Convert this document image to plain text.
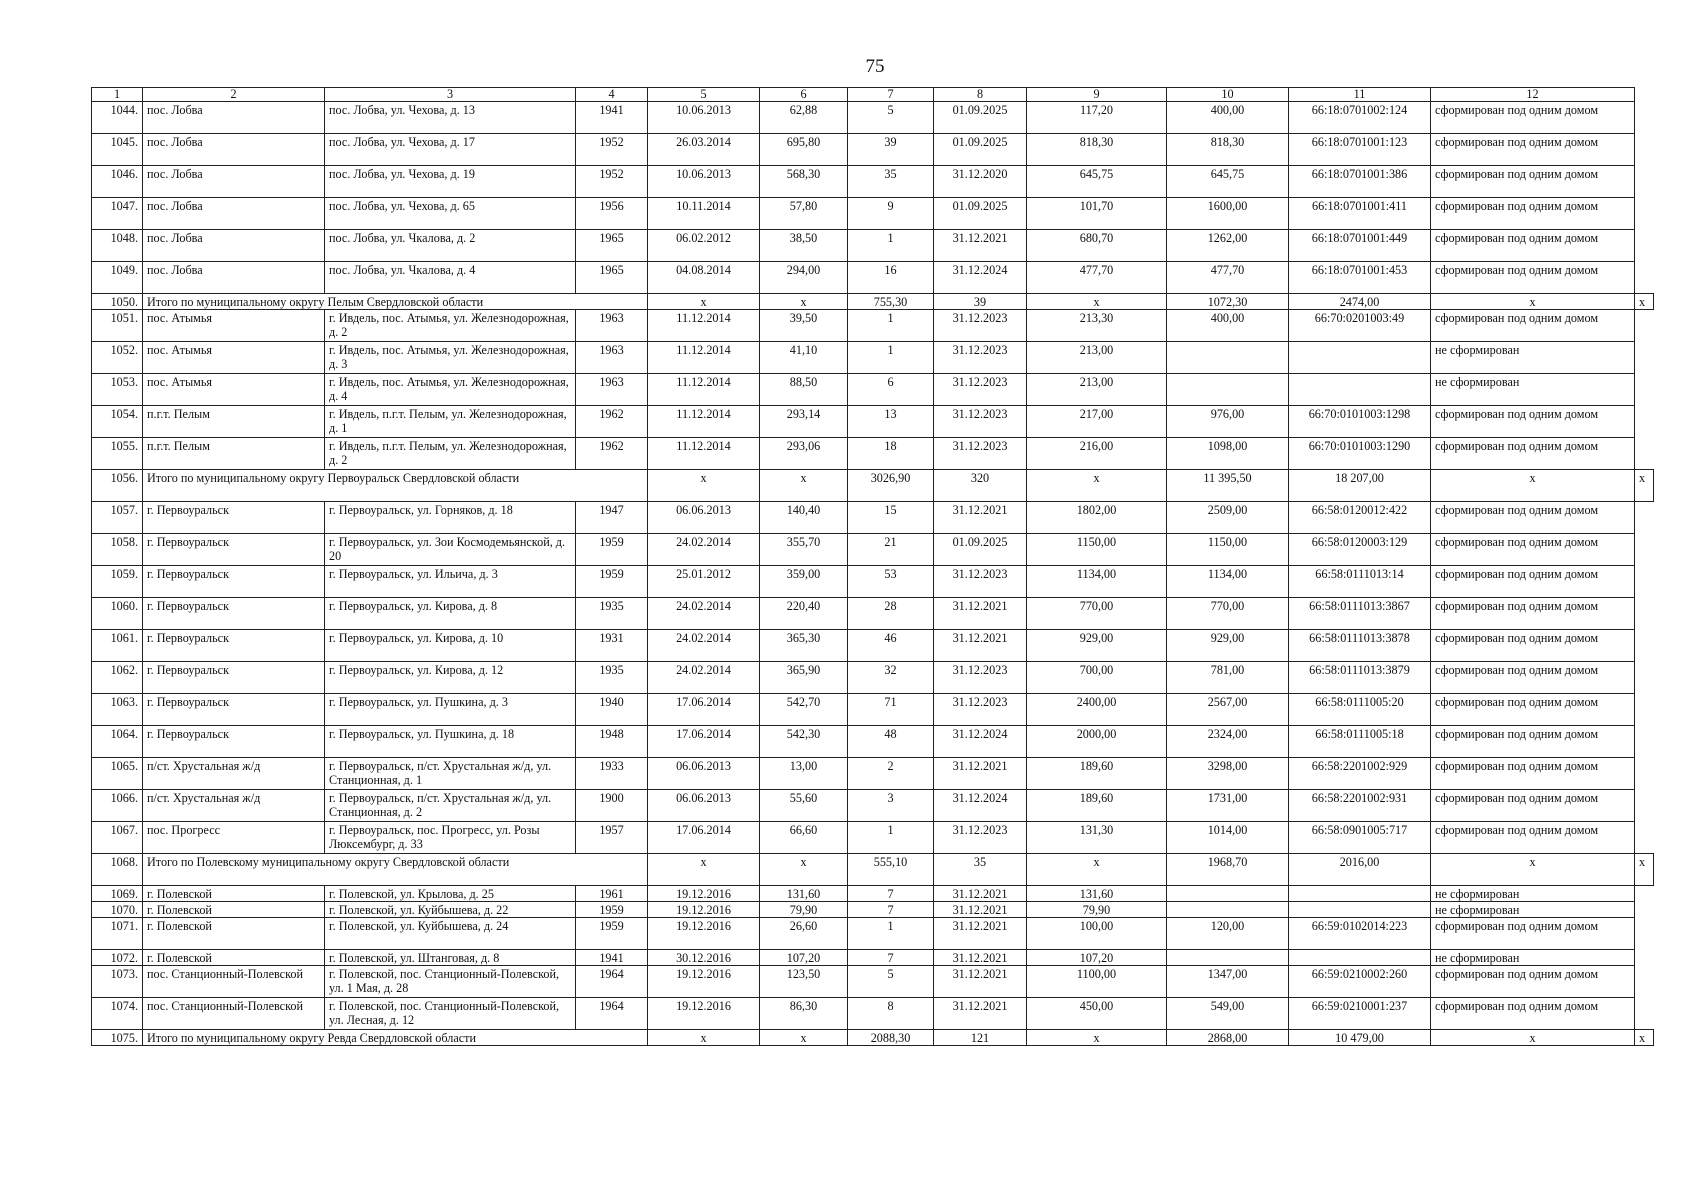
75
1	2	3	4	5	6	7	8	9	10	11	12	
1044.	пос. Лобва	пос. Лобва, ул. Чехова, д. 13	1941	10.06.2013	62,88	5	01.09.2025	117,20	400,00	66:18:0701002:124	сформирован под одним домом	
1045.	пос. Лобва	пос. Лобва, ул. Чехова, д. 17	1952	26.03.2014	695,80	39	01.09.2025	818,30	818,30	66:18:0701001:123	сформирован под одним домом	
1046.	пос. Лобва	пос. Лобва, ул. Чехова, д. 19	1952	10.06.2013	568,30	35	31.12.2020	645,75	645,75	66:18:0701001:386	сформирован под одним домом	
1047.	пос. Лобва	пос. Лобва, ул. Чехова, д. 65	1956	10.11.2014	57,80	9	01.09.2025	101,70	1600,00	66:18:0701001:411	сформирован под одним домом	
1048.	пос. Лобва	пос. Лобва, ул. Чкалова, д. 2	1965	06.02.2012	38,50	1	31.12.2021	680,70	1262,00	66:18:0701001:449	сформирован под одним домом	
1049.	пос. Лобва	пос. Лобва, ул. Чкалова, д. 4	1965	04.08.2014	294,00	16	31.12.2024	477,70	477,70	66:18:0701001:453	сформирован под одним домом	
1050.	Итого по муниципальному округу Пелым Свердловской области			x	x	755,30	39	x	1072,30	2474,00	x	x
1051.	пос. Атымья	г. Ивдель, пос. Атымья, ул. Железнодорожная, д. 2	1963	11.12.2014	39,50	1	31.12.2023	213,30	400,00	66:70:0201003:49	сформирован под одним домом	
1052.	пос. Атымья	г. Ивдель, пос. Атымья, ул. Железнодорожная, д. 3	1963	11.12.2014	41,10	1	31.12.2023	213,00			не сформирован	
1053.	пос. Атымья	г. Ивдель, пос. Атымья, ул. Железнодорожная, д. 4	1963	11.12.2014	88,50	6	31.12.2023	213,00			не сформирован	
1054.	п.г.т. Пелым	г. Ивдель, п.г.т. Пелым, ул. Железнодорожная, д. 1	1962	11.12.2014	293,14	13	31.12.2023	217,00	976,00	66:70:0101003:1298	сформирован под одним домом	
1055.	п.г.т. Пелым	г. Ивдель, п.г.т. Пелым, ул. Железнодорожная, д. 2	1962	11.12.2014	293,06	18	31.12.2023	216,00	1098,00	66:70:0101003:1290	сформирован под одним домом	
1056.	Итого по муниципальному округу Первоуральск Свердловской области			x	x	3026,90	320	x	11 395,50	18 207,00	x	x
1057.	г. Первоуральск	г. Первоуральск, ул. Горняков, д. 18	1947	06.06.2013	140,40	15	31.12.2021	1802,00	2509,00	66:58:0120012:422	сформирован под одним домом	
1058.	г. Первоуральск	г. Первоуральск, ул. Зои Космодемьянской, д. 20	1959	24.02.2014	355,70	21	01.09.2025	1150,00	1150,00	66:58:0120003:129	сформирован под одним домом	
1059.	г. Первоуральск	г. Первоуральск, ул. Ильича, д. 3	1959	25.01.2012	359,00	53	31.12.2023	1134,00	1134,00	66:58:0111013:14	сформирован под одним домом	
1060.	г. Первоуральск	г. Первоуральск, ул. Кирова, д. 8	1935	24.02.2014	220,40	28	31.12.2021	770,00	770,00	66:58:0111013:3867	сформирован под одним домом	
1061.	г. Первоуральск	г. Первоуральск, ул. Кирова, д. 10	1931	24.02.2014	365,30	46	31.12.2021	929,00	929,00	66:58:0111013:3878	сформирован под одним домом	
1062.	г. Первоуральск	г. Первоуральск, ул. Кирова, д. 12	1935	24.02.2014	365,90	32	31.12.2023	700,00	781,00	66:58:0111013:3879	сформирован под одним домом	
1063.	г. Первоуральск	г. Первоуральск, ул. Пушкина, д. 3	1940	17.06.2014	542,70	71	31.12.2023	2400,00	2567,00	66:58:0111005:20	сформирован под одним домом	
1064.	г. Первоуральск	г. Первоуральск, ул. Пушкина, д. 18	1948	17.06.2014	542,30	48	31.12.2024	2000,00	2324,00	66:58:0111005:18	сформирован под одним домом	
1065.	п/ст. Хрустальная ж/д	г. Первоуральск, п/ст. Хрустальная ж/д, ул. Станционная, д. 1	1933	06.06.2013	13,00	2	31.12.2021	189,60	3298,00	66:58:2201002:929	сформирован под одним домом	
1066.	п/ст. Хрустальная ж/д	г. Первоуральск, п/ст. Хрустальная ж/д, ул. Станционная, д. 2	1900	06.06.2013	55,60	3	31.12.2024	189,60	1731,00	66:58:2201002:931	сформирован под одним домом	
1067.	пос. Прогресс	г. Первоуральск, пос. Прогресс, ул. Розы Люксембург, д. 33	1957	17.06.2014	66,60	1	31.12.2023	131,30	1014,00	66:58:0901005:717	сформирован под одним домом	
1068.	Итого по Полевскому муниципальному округу Свердловской области			x	x	555,10	35	x	1968,70	2016,00	x	x
1069.	г. Полевской	г. Полевской, ул. Крылова, д. 25	1961	19.12.2016	131,60	7	31.12.2021	131,60			не сформирован	
1070.	г. Полевской	г. Полевской, ул. Куйбышева, д. 22	1959	19.12.2016	79,90	7	31.12.2021	79,90			не сформирован	
1071.	г. Полевской	г. Полевской, ул. Куйбышева, д. 24	1959	19.12.2016	26,60	1	31.12.2021	100,00	120,00	66:59:0102014:223	сформирован под одним домом	
1072.	г. Полевской	г. Полевской, ул. Штанговая, д. 8	1941	30.12.2016	107,20	7	31.12.2021	107,20			не сформирован	
1073.	пос. Станционный-Полевской	г. Полевской, пос. Станционный-Полевской, ул. 1 Мая, д. 28	1964	19.12.2016	123,50	5	31.12.2021	1100,00	1347,00	66:59:0210002:260	сформирован под одним домом	
1074.	пос. Станционный-Полевской	г. Полевской, пос. Станционный-Полевской, ул. Лесная, д. 12	1964	19.12.2016	86,30	8	31.12.2021	450,00	549,00	66:59:0210001:237	сформирован под одним домом	
1075.	Итого по муниципальному округу Ревда Свердловской области			x	x	2088,30	121	x	2868,00	10 479,00	x	x
